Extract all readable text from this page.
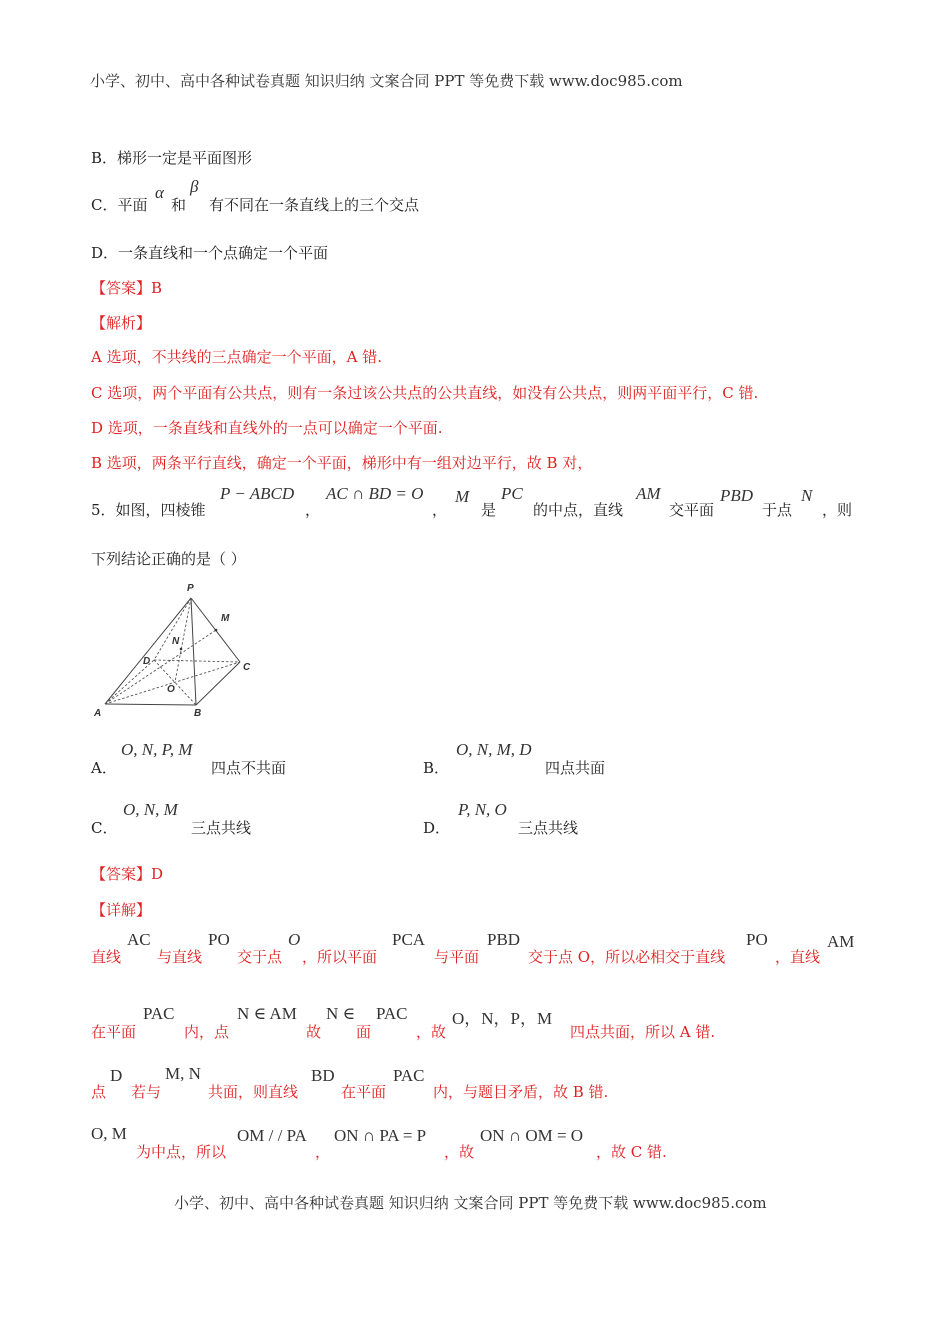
小学、初中、高中各种试卷真题 知识归纳 文案合同 PPT 等免费下载 www.doc985.com
B．梯形一定是平面图形
C．平面
α
和
β
有不同在一条直线上的三个交点
D．一条直线和一个点确定一个平面
【答案】B
【解析】
A 选项，不共线的三点确定一个平面，A 错.
C 选项，两个平面有公共点，则有一条过该公共点的公共直线，如没有公共点，则两平面平行，C 错.
D 选项，一条直线和直线外的一点可以确定一个平面.
B 选项，两条平行直线，确定一个平面，梯形中有一组对边平行，故 B 对，
5．如图，四棱锥
P − ABCD
，
AC ∩ BD = O
，
M
是
PC
的中点，直线
AM
交平面
PBD
于点
N
，则
下列结论正确的是（ ）
P
M
N
D
C
O
A	B
A．
O, N, P, M
四点不共面	B．
O, N, M, D
四点共面
C．
O, N, M
三点共线	D．
P, N, O
三点共线
【答案】D
【详解】
直线
AC
与直线
PO
交于点
O
，所以平面
PCA
与平面
PBD
交于点 O，所以必相交于直线
PO
，直线
AM
在平面
PAC
内，点
N ∈ AM
故
N ∈
面
PAC
，故
O，N，P，M
四点共面，所以 A 错.
点
D
若与
M, N
共面，则直线
BD
在平面
PAC
内，与题目矛盾，故 B 错.
O, M
为中点，所以
OM / / PA
，
ON ∩ PA = P
，故
ON ∩ OM = O
，故 C 错.
小学、初中、高中各种试卷真题 知识归纳 文案合同 PPT 等免费下载 www.doc985.com
